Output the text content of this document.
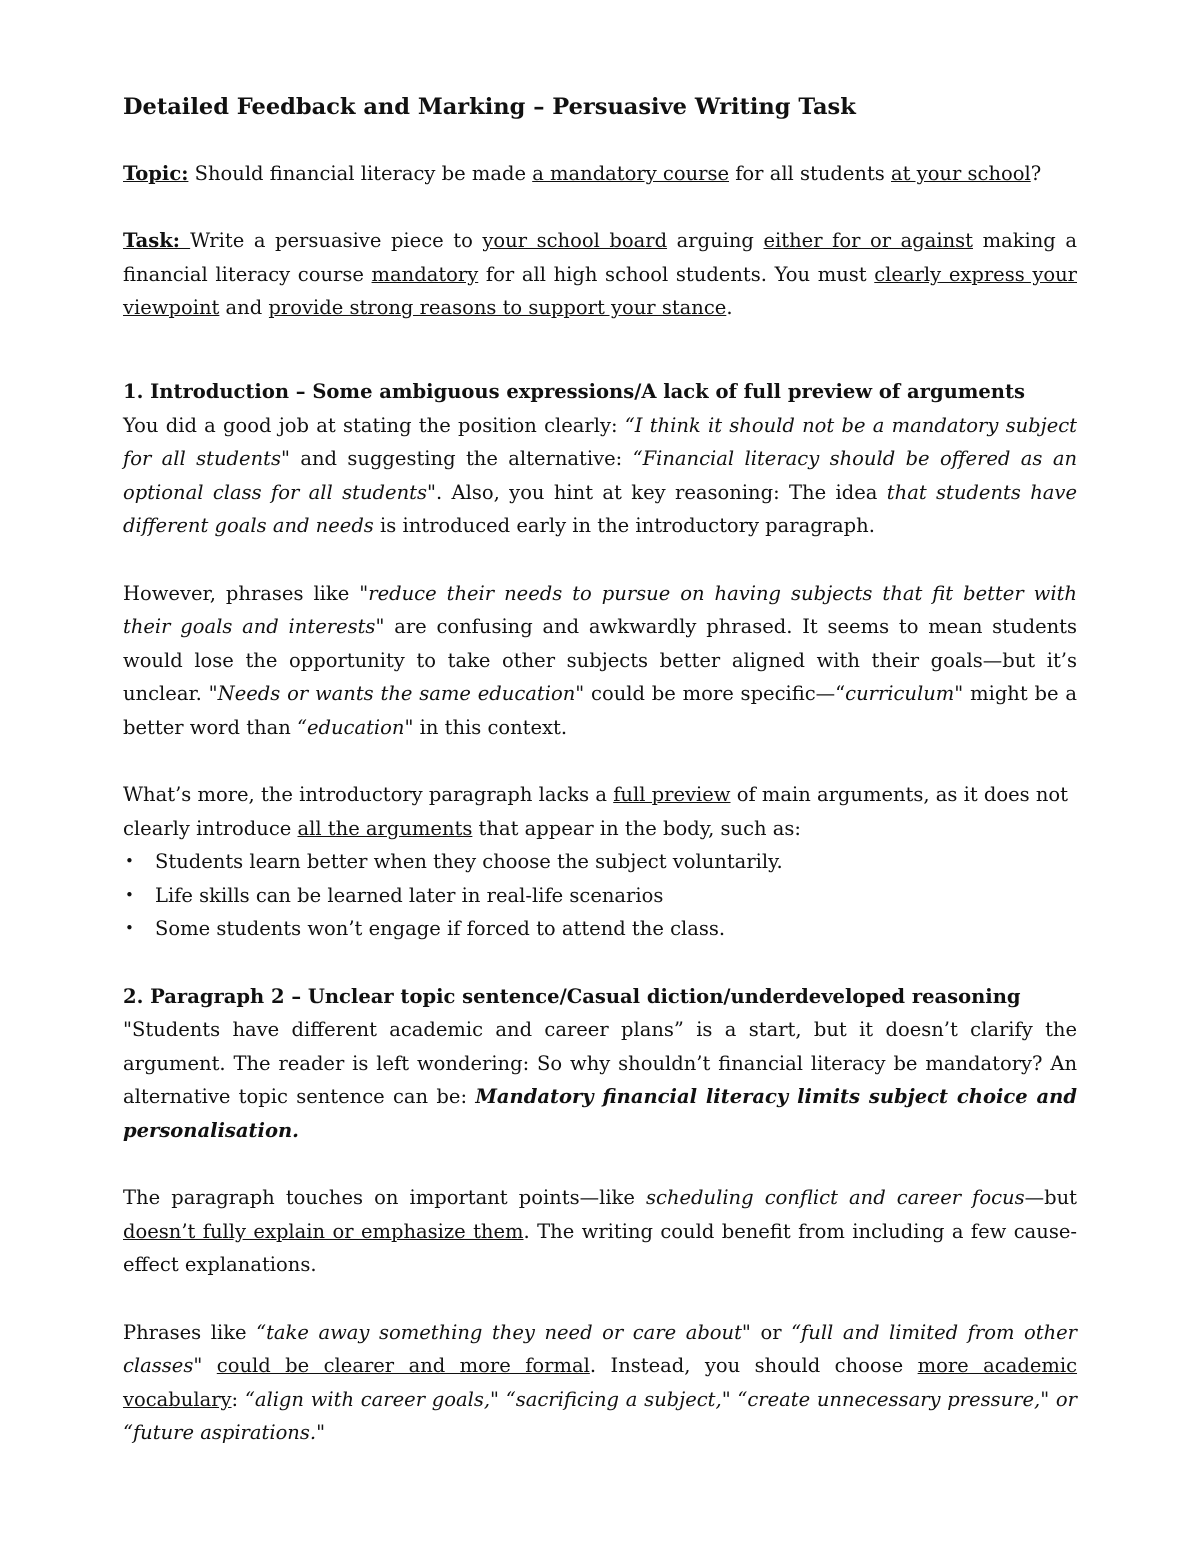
Detailed Feedback and Marking – Persuasive Writing Task

Topic: Should financial literacy be made a mandatory course for all students at your school?

Task: Write a persuasive piece to your school board arguing either for or against making a financial literacy course mandatory for all high school students. You must clearly express your viewpoint and provide strong reasons to support your stance.

1. Introduction – Some ambiguous expressions/A lack of full preview of arguments

You did a good job at stating the position clearly: “I think it should not be a mandatory subject for all students" and suggesting the alternative: “Financial literacy should be offered as an optional class for all students". Also, you hint at key reasoning: The idea that students have different goals and needs is introduced early in the introductory paragraph.

However, phrases like "reduce their needs to pursue on having subjects that fit better with their goals and interests" are confusing and awkwardly phrased. It seems to mean students would lose the opportunity to take other subjects better aligned with their goals—but it’s unclear. "Needs or wants the same education" could be more specific—“curriculum" might be a better word than “education" in this context.

What’s more, the introductory paragraph lacks a full preview of main arguments, as it does not clearly introduce all the arguments that appear in the body, such as:

• Students learn better when they choose the subject voluntarily.
• Life skills can be learned later in real-life scenarios
• Some students won’t engage if forced to attend the class.

2. Paragraph 2 – Unclear topic sentence/Casual diction/underdeveloped reasoning

"Students have different academic and career plans” is a start, but it doesn’t clarify the argument. The reader is left wondering: So why shouldn’t financial literacy be mandatory? An alternative topic sentence can be: Mandatory financial literacy limits subject choice and personalisation.

The paragraph touches on important points—like scheduling conflict and career focus—but doesn’t fully explain or emphasize them. The writing could benefit from including a few cause-effect explanations.

Phrases like “take away something they need or care about" or “full and limited from other classes" could be clearer and more formal. Instead, you should choose more academic vocabulary: “align with career goals," “sacrificing a subject," “create unnecessary pressure," or “future aspirations."
